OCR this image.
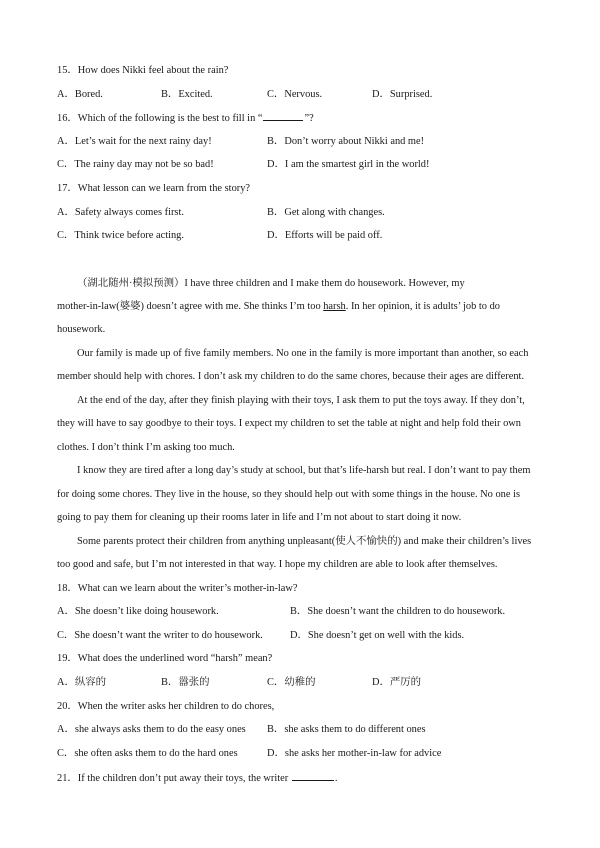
15．How does Nikki feel about the rain?
A．Bored.	B．Excited.	C．Nervous.	D．Surprised.
16．Which of the following is the best to fill in “	”?
A．Let’s wait for the next rainy day!	B．Don’t worry about Nikki and me!
C．The rainy day may not be so bad!	D．I am the smartest girl in the world!
17．What lesson can we learn from the story?
A．Safety always comes first.	B．Get along with changes.
C．Think twice before acting.	D．Efforts will be paid off.
（湖北随州·模拟预测）I have three children and I make them do housework. However, my
mother-in-law(婆婆) doesn’t agree with me. She thinks I’m too harsh. In her opinion, it is adults’ job to do
housework.
Our family is made up of five family members. No one in the family is more important than another, so each
member should help with chores. I don’t ask my children to do the same chores, because their ages are different.
At the end of the day, after they finish playing with their toys, I ask them to put the toys away. If they don’t,
they will have to say goodbye to their toys. I expect my children to set the table at night and help fold their own
clothes. I don’t think I’m asking too much.
I know they are tired after a long day’s study at school, but that’s life-harsh but real. I don’t want to pay them
for doing some chores. They live in the house, so they should help out with some things in the house. No one is
going to pay them for cleaning up their rooms later in life and I’m not about to start doing it now.
Some parents protect their children from anything unpleasant(使人不愉快的) and make their children’s lives
too good and safe, but I’m not interested in that way. I hope my children are able to look after themselves.
18．What can we learn about the writer’s mother-in-law?
A．She doesn’t like doing housework.	B．She doesn’t want the children to do housework.
C．She doesn’t want the writer to do housework.	D．She doesn’t get on well with the kids.
19．What does the underlined word “harsh” mean?
A．纵容的	B．嚣张的	C．幼稚的	D．严厉的
20．When the writer asks her children to do chores,
A．she always asks them to do the easy ones B．she asks them to do different ones
C．she often asks them to do the hard ones	D．she asks her mother-in-law for advice
21．If the children don’t put away their toys, the writer	.
